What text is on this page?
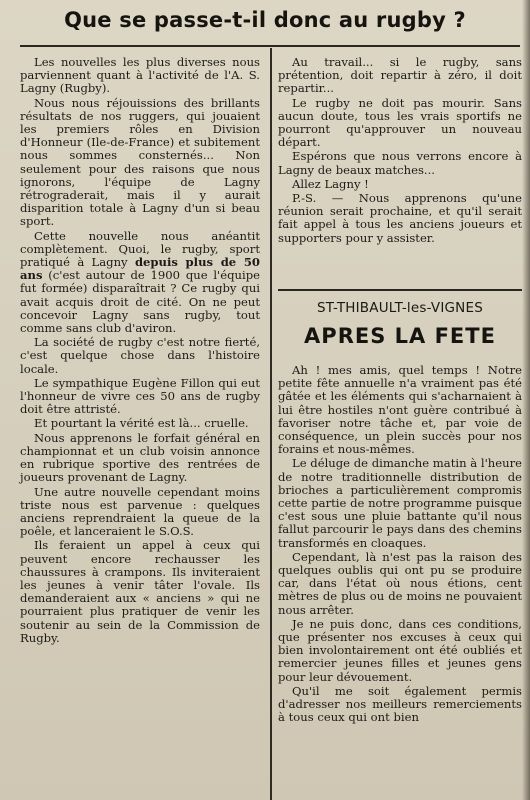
Que se passe-t-il donc au rugby ?

Les nouvelles les plus diverses nous parviennent quant à l'activité de l'A. S. Lagny (Rugby).

Nous nous réjouissions des brillants résultats de nos ruggers, qui jouaient les premiers rôles en Division d'Honneur (Ile-de-France) et subitement nous sommes consternés... Non seulement pour des raisons que nous ignorons, l'équipe de Lagny rétrograderait, mais il y aurait disparition totale à Lagny d'un si beau sport.

Cette nouvelle nous anéantit complètement. Quoi, le rugby, sport pratiqué à Lagny depuis plus de 50 ans (c'est autour de 1900 que l'équipe fut formée) disparaîtrait ? Ce rugby qui avait acquis droit de cité. On ne peut concevoir Lagny sans rugby, tout comme sans club d'aviron.

La société de rugby c'est notre fierté, c'est quelque chose dans l'histoire locale.

Le sympathique Eugène Fillon qui eut l'honneur de vivre ces 50 ans de rugby doit être attristé.

Et pourtant la vérité est là... cruelle.

Nous apprenons le forfait général en championnat et un club voisin annonce en rubrique sportive des rentrées de joueurs provenant de Lagny.

Une autre nouvelle cependant moins triste nous est parvenue : quelques anciens reprendraient la queue de la poêle, et lanceraient le S.O.S.

Ils feraient un appel à ceux qui peuvent encore rechausser les chaussures à crampons. Ils inviteraient les jeunes à venir tâter l'ovale. Ils demanderaient aux « anciens » qui ne pourraient plus pratiquer de venir les soutenir au sein de la Commission de Rugby.

Au travail... si le rugby, sans prétention, doit repartir à zéro, il doit repartir...

Le rugby ne doit pas mourir. Sans aucun doute, tous les vrais sportifs ne pourront qu'approuver un nouveau départ.

Espérons que nous verrons encore à Lagny de beaux matches...

Allez Lagny !

P.-S. — Nous apprenons qu'une réunion serait prochaine, et qu'il serait fait appel à tous les anciens joueurs et supporters pour y assister.

ST-THIBAULT-les-VIGNES
APRES LA FETE

Ah ! mes amis, quel temps ! Notre petite fête annuelle n'a vraiment pas été gâtée et les éléments qui s'acharnaient à lui être hostiles n'ont guère contribué à favoriser notre tâche et, par voie de conséquence, un plein succès pour nos forains et nous-mêmes.

Le déluge de dimanche matin à l'heure de notre traditionnelle distribution de brioches a particulièrement compromis cette partie de notre programme puisque c'est sous une pluie battante qu'il nous fallut parcourir le pays dans des chemins transformés en cloaques.

Cependant, là n'est pas la raison des quelques oublis qui ont pu se produire car, dans l'état où nous étions, cent mètres de plus ou de moins ne pouvaient nous arrêter.

Je ne puis donc, dans ces conditions, que présenter nos excuses à ceux qui bien involontairement ont été oubliés et remercier jeunes filles et jeunes gens pour leur dévouement.

Qu'il me soit également permis d'adresser nos meilleurs remerciements à tous ceux qui ont bien
